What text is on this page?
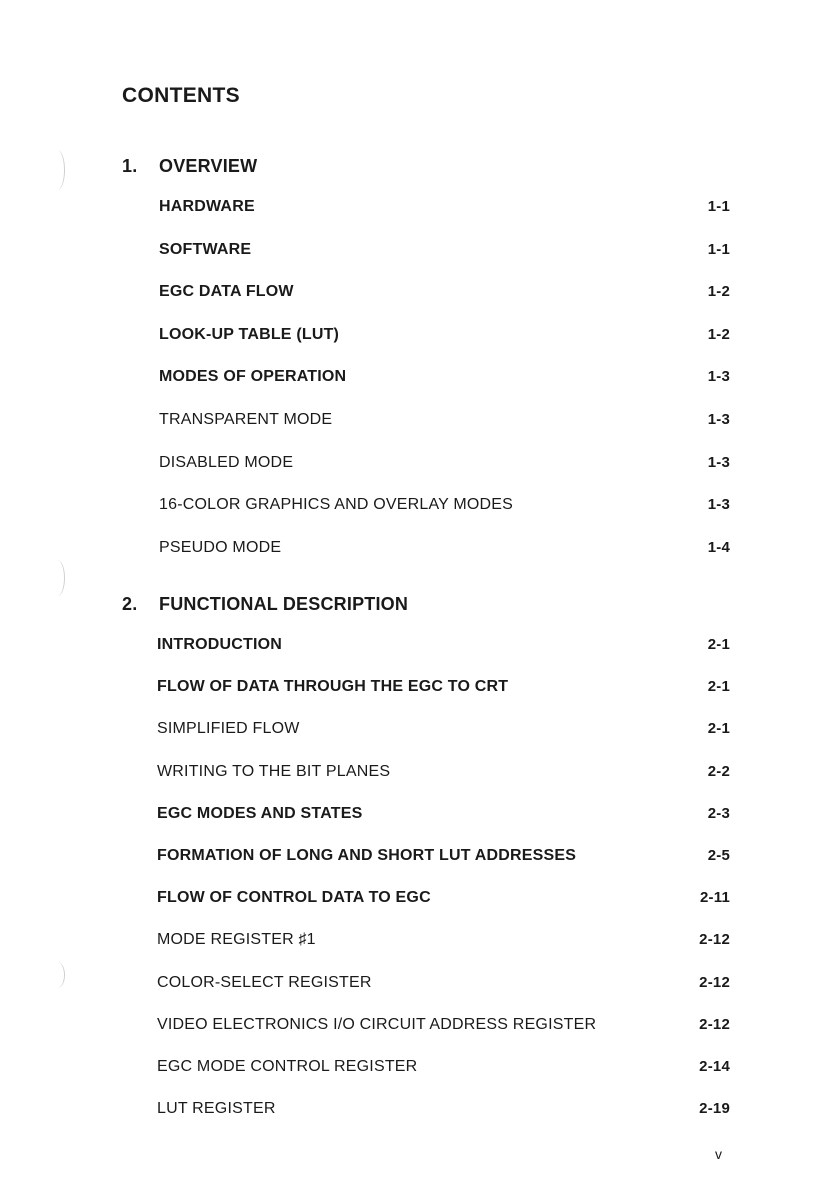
CONTENTS
1. OVERVIEW
HARDWARE	1-1
SOFTWARE	1-1
EGC DATA FLOW	1-2
LOOK-UP TABLE (LUT)	1-2
MODES OF OPERATION	1-3
TRANSPARENT MODE	1-3
DISABLED MODE	1-3
16-COLOR GRAPHICS AND OVERLAY MODES	1-3
PSEUDO MODE	1-4
2. FUNCTIONAL DESCRIPTION
INTRODUCTION	2-1
FLOW OF DATA THROUGH THE EGC TO CRT	2-1
SIMPLIFIED FLOW	2-1
WRITING TO THE BIT PLANES	2-2
EGC MODES AND STATES	2-3
FORMATION OF LONG AND SHORT LUT ADDRESSES	2-5
FLOW OF CONTROL DATA TO EGC	2-11
MODE REGISTER ♯1	2-12
COLOR-SELECT REGISTER	2-12
VIDEO ELECTRONICS I/O CIRCUIT ADDRESS REGISTER	2-12
EGC MODE CONTROL REGISTER	2-14
LUT REGISTER	2-19
v
